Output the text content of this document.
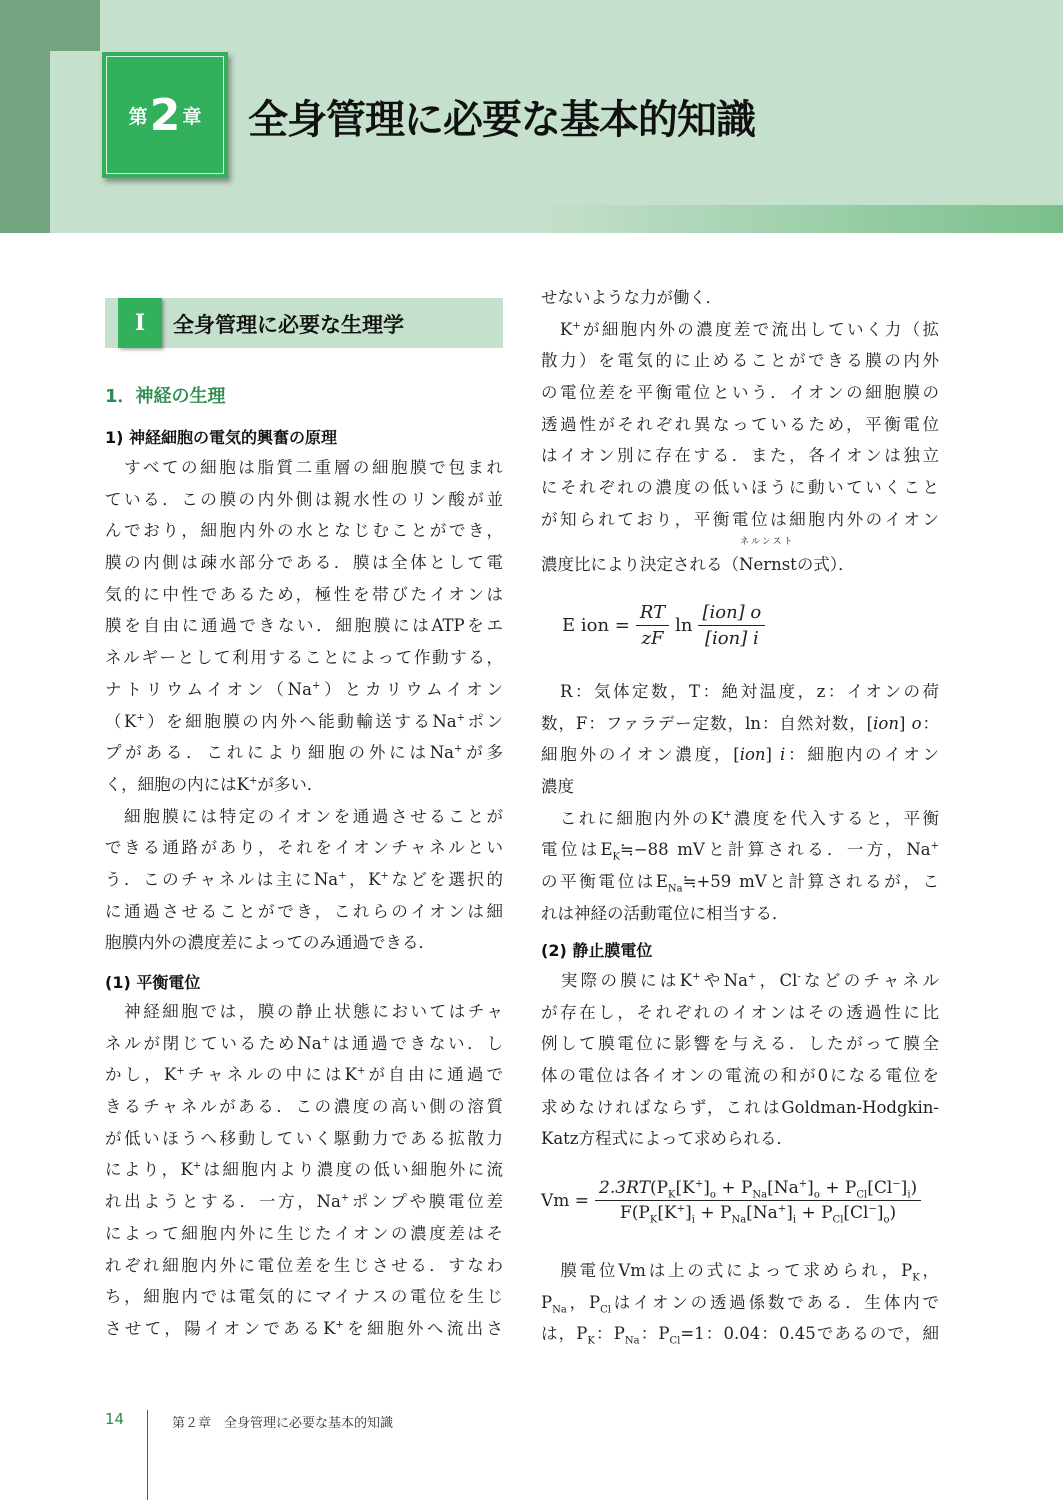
第 2 章 全身管理に必要な基本的知識
I	全身管理に必要な生理学
1．神経の生理
1) 神経細胞の電気的興奮の原理
　すべての細胞は脂質二重層の細胞膜で包まれ
ている．この膜の内外側は親水性のリン酸が並
んでおり，細胞内外の水となじむことができ，
膜の内側は疎水部分である．膜は全体として電
気的に中性であるため，極性を帯びたイオンは
膜を自由に通過できない．細胞膜にはATPをエ
ネルギーとして利用することによって作動する，
ナトリウムイオン（Na+）とカリウムイオン
（K+）を細胞膜の内外へ能動輸送するNa+ポン
プがある．これにより細胞の外にはNa+が多
く，細胞の内にはK+が多い．
　細胞膜には特定のイオンを通過させることが
できる通路があり，それをイオンチャネルとい
う．このチャネルは主にNa+，K+などを選択的
に通過させることができ，これらのイオンは細
胞膜内外の濃度差によってのみ通過できる．
(1) 平衡電位
　神経細胞では，膜の静止状態においてはチャ
ネルが閉じているためNa+は通過できない．し
かし，K+チャネルの中にはK+が自由に通過で
きるチャネルがある．この濃度の高い側の溶質
が低いほうへ移動していく駆動力である拡散力
により，K+は細胞内より濃度の低い細胞外に流
れ出ようとする．一方，Na+ポンプや膜電位差
によって細胞内外に生じたイオンの濃度差はそ
れぞれ細胞内外に電位差を生じさせる．すなわ
ち，細胞内では電気的にマイナスの電位を生じ
させて，陽イオンであるK+を細胞外へ流出さ
せないような力が働く．
　K+が細胞内外の濃度差で流出していく力（拡
散力）を電気的に止めることができる膜の内外
の電位差を平衡電位という．イオンの細胞膜の
透過性がそれぞれ異なっているため，平衡電位
はイオン別に存在する．また，各イオンは独立
にそれぞれの濃度の低いほうに動いていくこと
が知られており，平衡電位は細胞内外のイオン
濃度比により決定される（Nernstの式）．
ネルンスト
E ion = $\frac{RT}{zF}$ $\ln \frac{\text{[ion] o}}{\text{[ion] i}}$
　R：気体定数，T：絶対温度，z：イオンの荷
数，F：ファラデー定数，ln：自然対数，[ion] o：
細胞外のイオン濃度，[ion] i：細胞内のイオン
濃度
　これに細胞内外のK+濃度を代入すると，平衡
電位は$E_K≒-88$ mVと計算される．一方，Na+
の平衡電位は$E_{Na}≒+59$ mVと計算されるが，こ
れは神経の活動電位に相当する．
(2) 静止膜電位
　実際の膜にはK+やNa+，Cl-などのチャネル
が存在し，それぞれのイオンはその透過性に比
例して膜電位に影響を与える．したがって膜全
体の電位は各イオンの電流の和が0になる電位を
求めなければならず，これはGoldman-Hodgkin-
Katz方程式によって求められる．
$Vm = \frac{2.3RT(P_K[K^+]_o + P_{Na}[Na^+]_o + P_{Cl}[Cl^-]_i)}{F(P_K[K^+]_i + P_{Na}[Na^+]_i + P_{Cl}[Cl^-]_o)}$
　膜電位Vmは上の式によって求められ，$P_K$，
$P_{Na}$，$P_{Cl}$はイオンの透過係数である．生体内で
は，$P_K$：$P_{Na}$：$P_{Cl}=1$：0.04：0.45であるので，細
14	第２章　全身管理に必要な基本的知識
